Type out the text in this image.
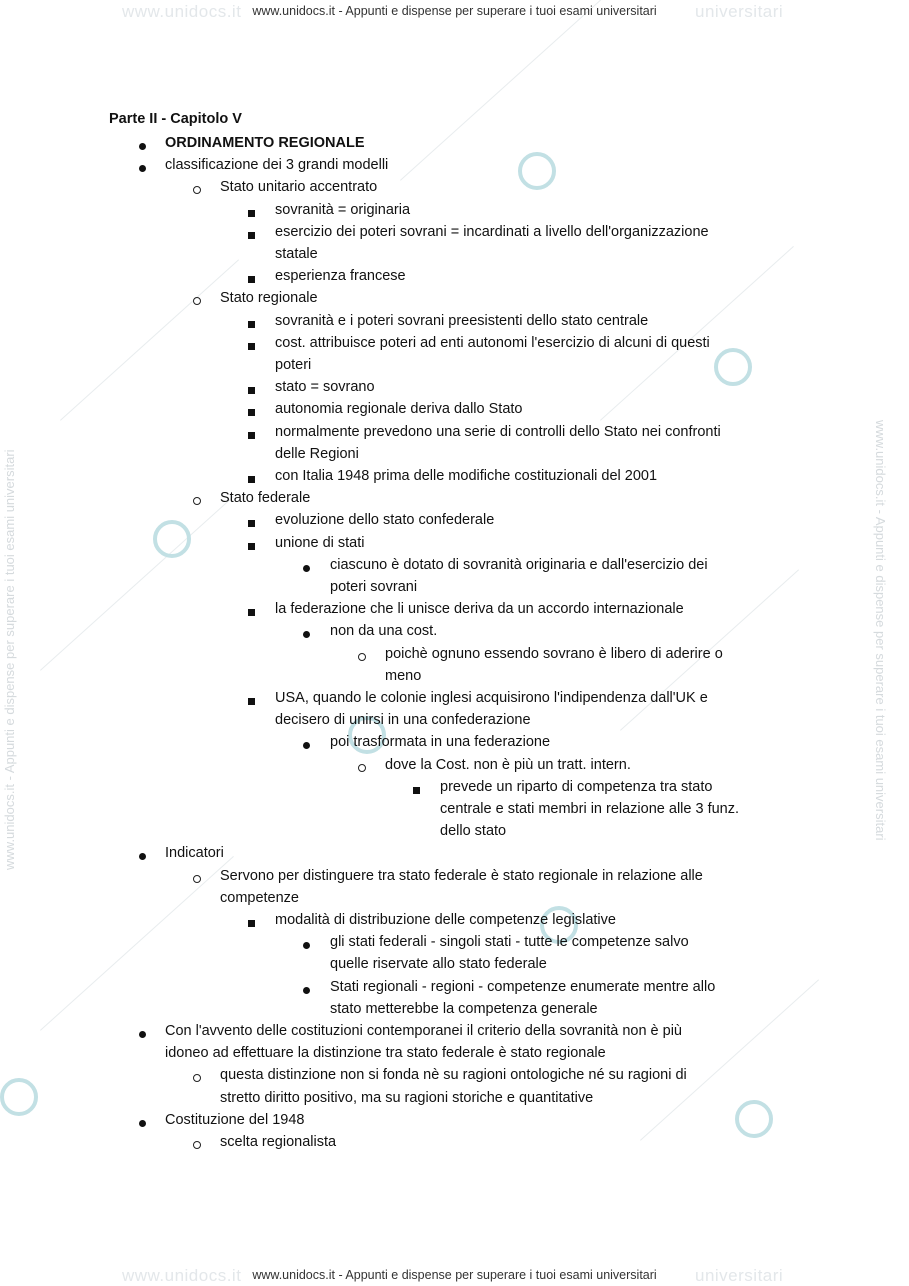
www.unidocs.it	universitari
www.unidocs.it	universitari
www.unidocs.it - Appunti e dispense per superare i tuoi esami universitari	www.unidocs.it - Appunti e dispense per superare i tuoi esami universitari
www.unidocs.it - Appunti e dispense per superare i tuoi esami universitari
www.unidocs.it - Appunti e dispense per superare i tuoi esami universitari
Parte II - Capitolo V
ORDINAMENTO REGIONALE
classificazione dei 3 grandi modelli
Stato unitario accentrato
sovranità = originaria
esercizio dei poteri sovrani = incardinati a livello dell'organizzazione
statale
esperienza francese
Stato regionale
sovranità e i poteri sovrani preesistenti dello stato centrale
cost. attribuisce poteri ad enti autonomi l'esercizio di alcuni di questi
poteri
stato = sovrano
autonomia regionale deriva dallo Stato
normalmente prevedono una serie di controlli dello Stato nei confronti
delle Regioni
con Italia 1948 prima delle modifiche costituzionali del 2001
Stato federale
evoluzione dello stato confederale
unione di stati
ciascuno è dotato di sovranità originaria e dall'esercizio dei
poteri sovrani
la federazione che li unisce deriva da un accordo internazionale
non da una cost.
poichè ognuno essendo sovrano è libero di aderire o
meno
USA, quando le colonie inglesi acquisirono l'indipendenza dall'UK e
decisero di unirsi in una confederazione
poi trasformata in una federazione
dove la Cost. non è più un tratt. intern.
prevede un riparto di competenza tra stato
centrale e stati membri in relazione alle 3 funz.
dello stato
Indicatori
Servono per distinguere tra stato federale è stato regionale in relazione alle
competenze
modalità di distribuzione delle competenze legislative
gli stati federali - singoli stati - tutte le competenze salvo
quelle riservate allo stato federale
Stati regionali - regioni - competenze enumerate mentre allo
stato metterebbe la competenza generale
Con l'avvento delle costituzioni contemporanei il criterio della sovranità non è più
idoneo ad effettuare la distinzione tra stato federale è stato regionale
questa distinzione non si fonda nè su ragioni ontologiche né su ragioni di
stretto diritto positivo, ma su ragioni storiche e quantitative
Costituzione del 1948
scelta regionalista
